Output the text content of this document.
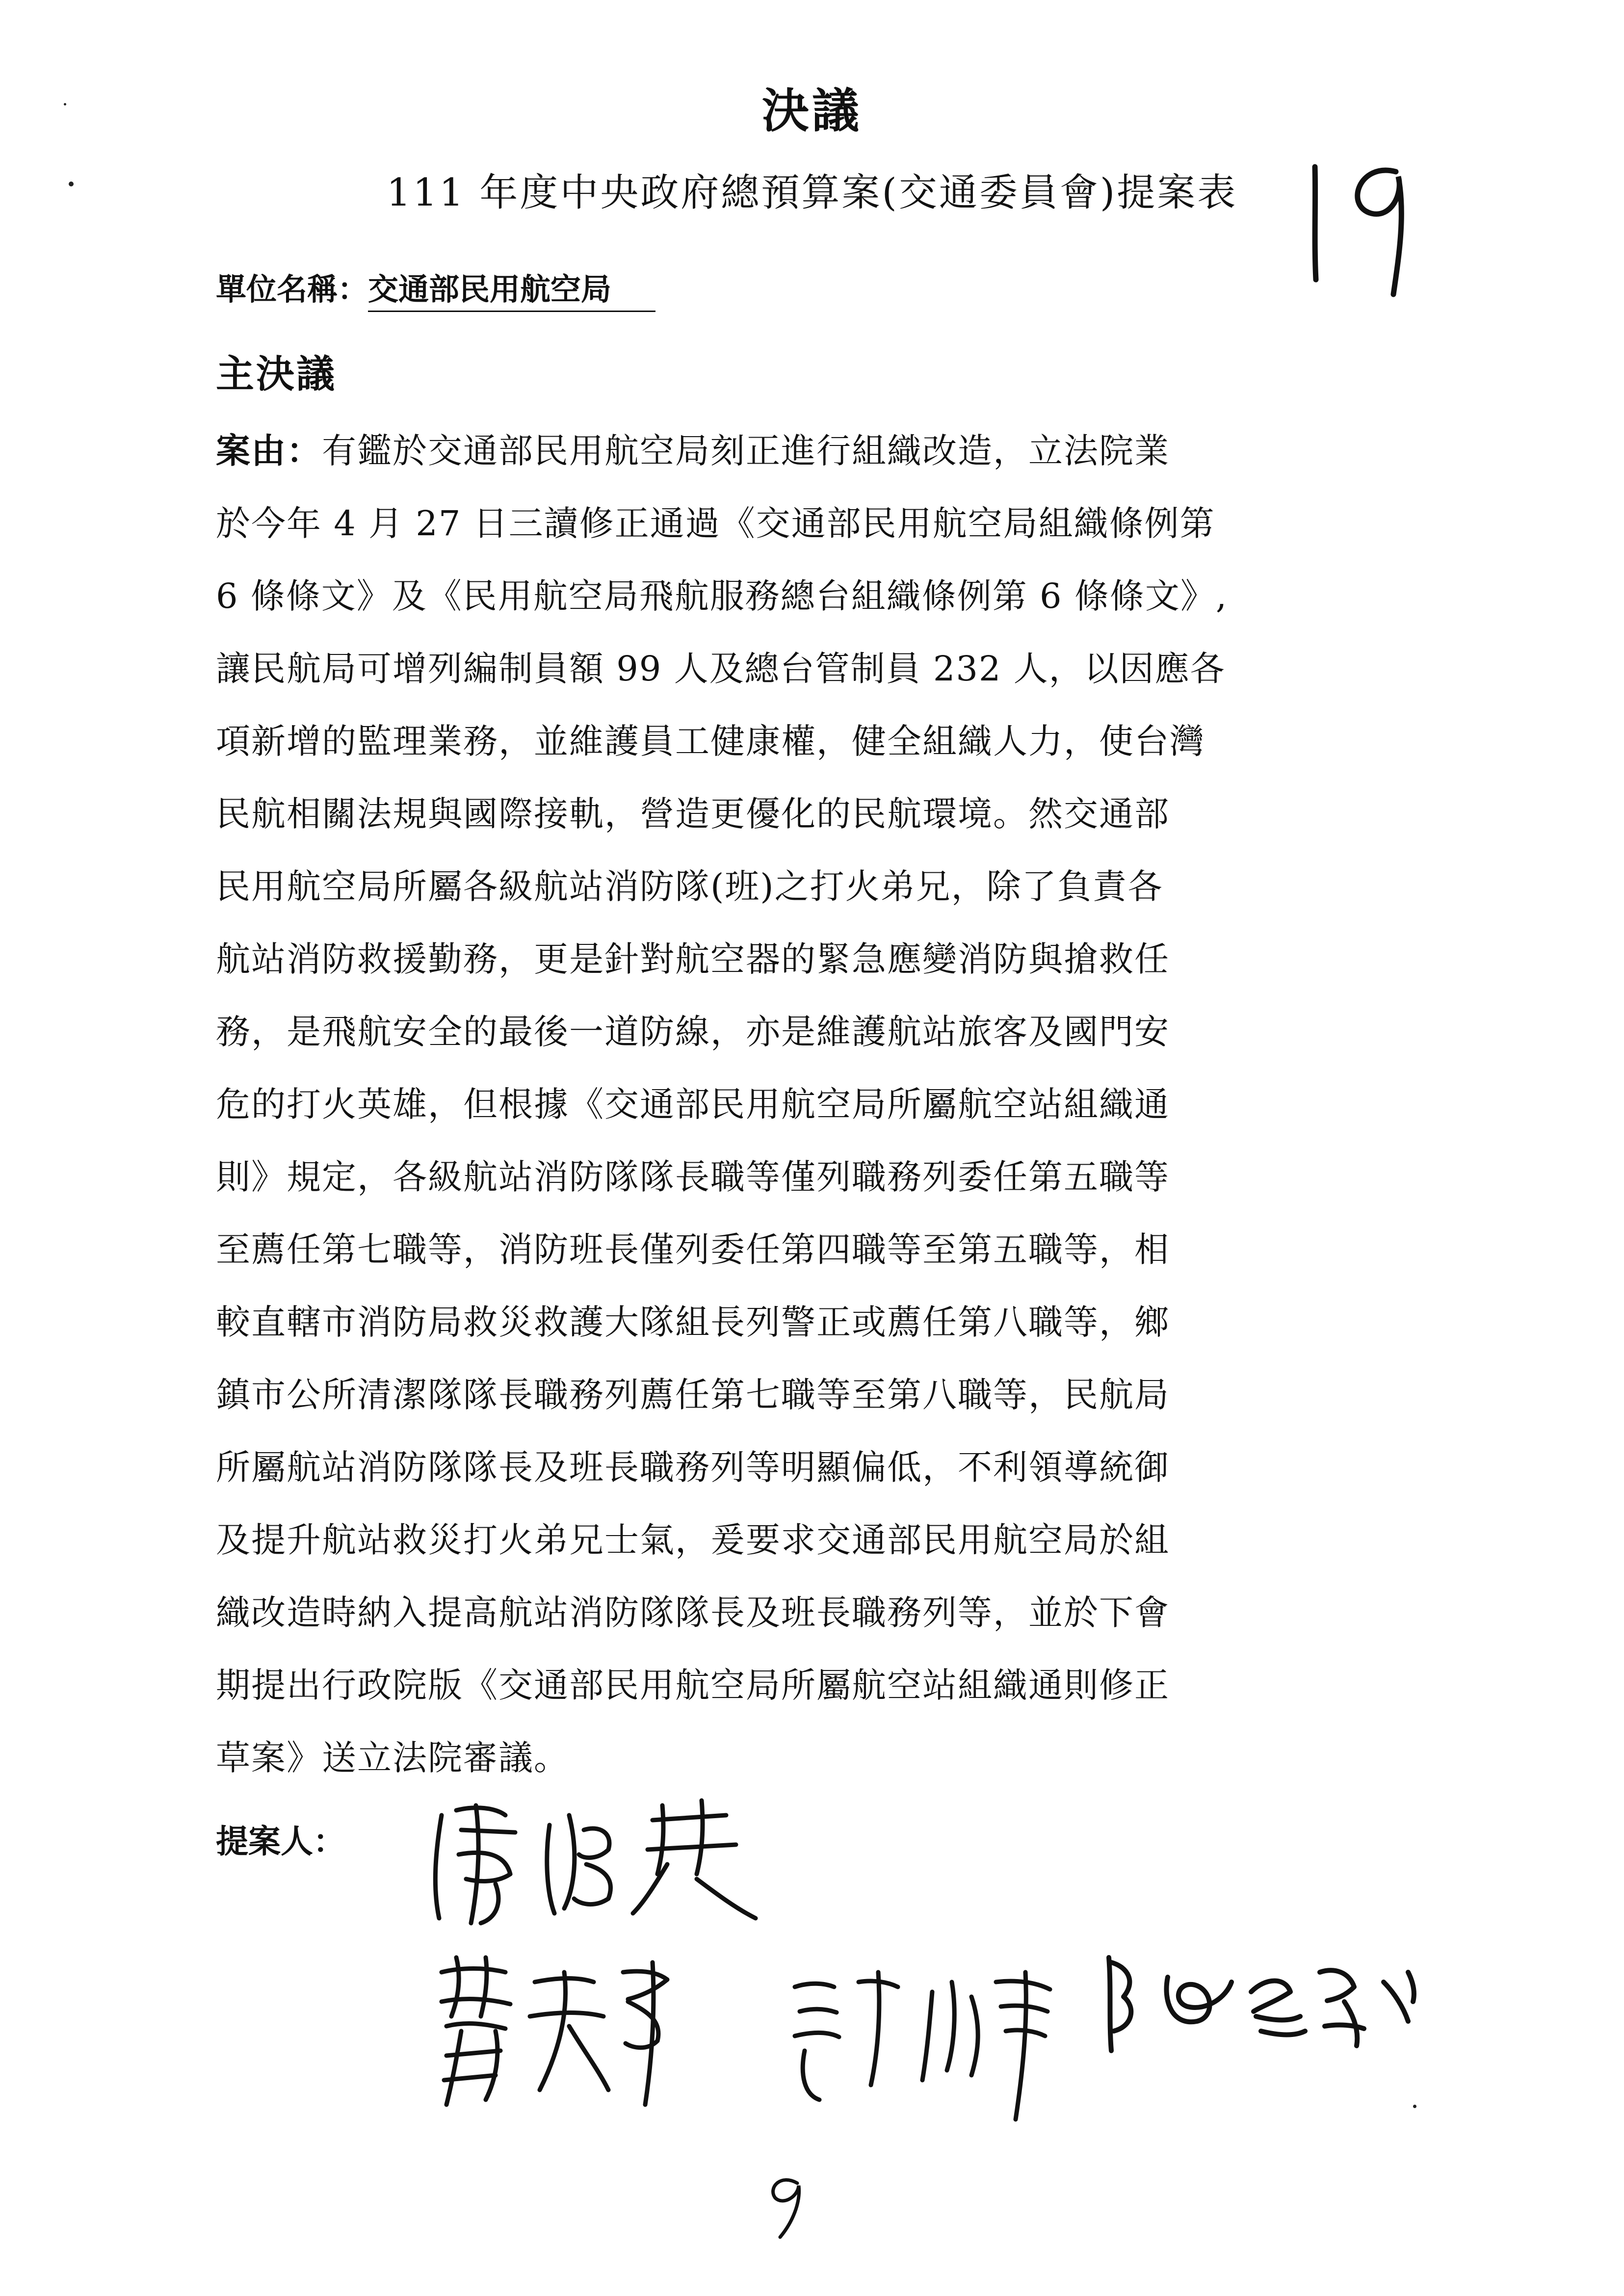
決議
111 年度中央政府總預算案(交通委員會)提案表
單位名稱：交通部民用航空局
主決議
案由：有鑑於交通部民用航空局刻正進行組織改造，立法院業
於今年 4 月 27 日三讀修正通過《交通部民用航空局組織條例第
6 條條文》及《民用航空局飛航服務總台組織條例第 6 條條文》,
讓民航局可增列編制員額 99 人及總台管制員 232 人，以因應各
項新增的監理業務，並維護員工健康權，健全組織人力，使台灣
民航相關法規與國際接軌，營造更優化的民航環境。然交通部
民用航空局所屬各級航站消防隊(班)之打火弟兄，除了負責各
航站消防救援勤務，更是針對航空器的緊急應變消防與搶救任
務，是飛航安全的最後一道防線，亦是維護航站旅客及國門安
危的打火英雄，但根據《交通部民用航空局所屬航空站組織通
則》規定，各級航站消防隊隊長職等僅列職務列委任第五職等
至薦任第七職等，消防班長僅列委任第四職等至第五職等，相
較直轄市消防局救災救護大隊組長列警正或薦任第八職等，鄉
鎮市公所清潔隊隊長職務列薦任第七職等至第八職等，民航局
所屬航站消防隊隊長及班長職務列等明顯偏低，不利領導統御
及提升航站救災打火弟兄士氣，爰要求交通部民用航空局於組
織改造時納入提高航站消防隊隊長及班長職務列等，並於下會
期提出行政院版《交通部民用航空局所屬航空站組織通則修正
草案》送立法院審議。
提案人：
